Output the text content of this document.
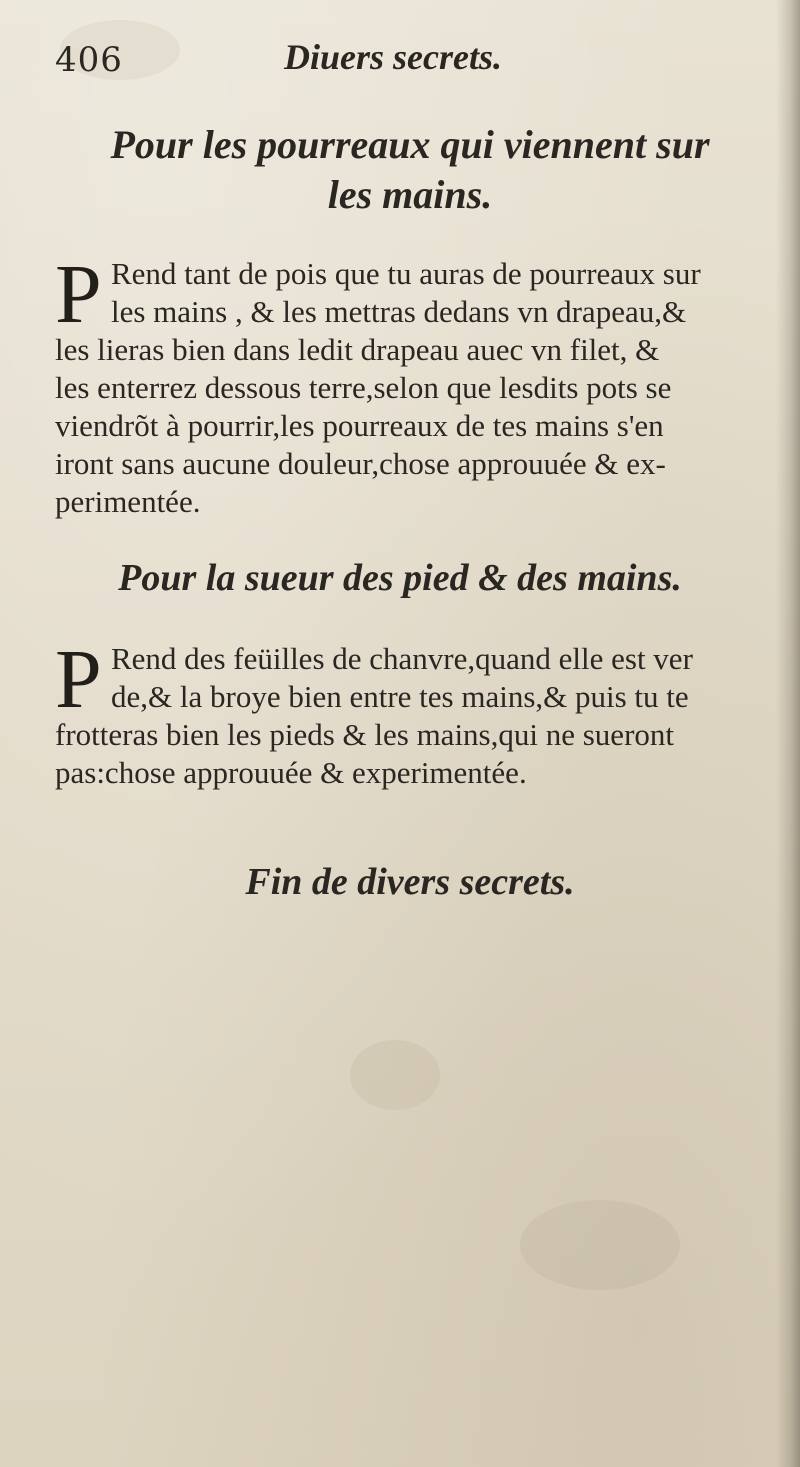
406	Diuers secrets.
Pour les pourreaux qui viennent sur
les mains.
P Rend tant de pois que tu auras de pourreaux sur
les mains , & les mettras dedans vn drapeau,&
les lieras bien dans ledit drapeau auec vn filet, &
les enterrez dessous terre,selon que lesdits pots se
viendrõt à pourrir,les pourreaux de tes mains s'en
iront sans aucune douleur,chose approuuée & ex-
perimentée.
Pour la sueur des pied & des mains.
P Rend des feüilles de chanvre,quand elle est ver
de,& la broye bien entre tes mains,& puis tu te
frotteras bien les pieds & les mains,qui ne sueront
pas:chose approuuée & experimentée.
Fin de divers secrets.
